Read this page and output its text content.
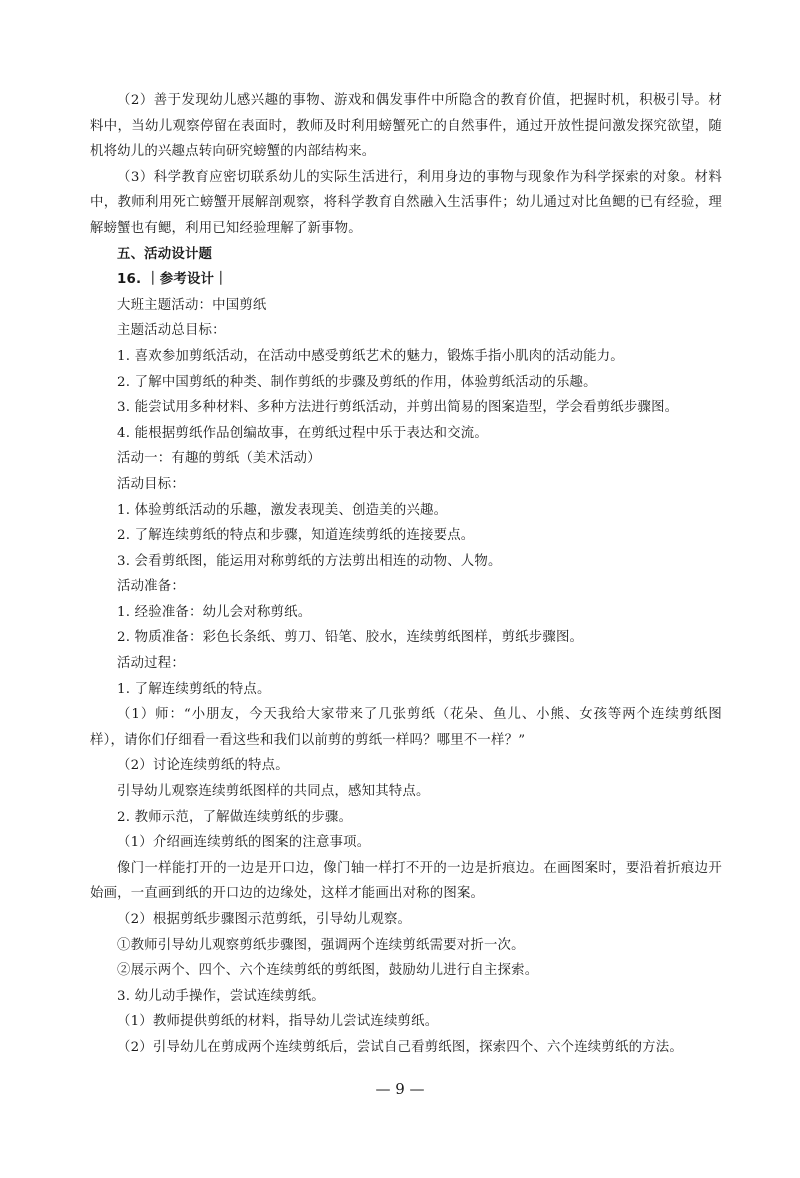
（2）善于发现幼儿感兴趣的事物、游戏和偶发事件中所隐含的教育价值，把握时机，积极引导。材料中，当幼儿观察停留在表面时，教师及时利用螃蟹死亡的自然事件，通过开放性提问激发探究欲望，随机将幼儿的兴趣点转向研究螃蟹的内部结构来。

（3）科学教育应密切联系幼儿的实际生活进行，利用身边的事物与现象作为科学探索的对象。材料中，教师利用死亡螃蟹开展解剖观察，将科学教育自然融入生活事件；幼儿通过对比鱼鳃的已有经验，理解螃蟹也有鳃，利用已知经验理解了新事物。

五、活动设计题

16. ｜参考设计｜

大班主题活动：中国剪纸

主题活动总目标：

1. 喜欢参加剪纸活动，在活动中感受剪纸艺术的魅力，锻炼手指小肌肉的活动能力。

2. 了解中国剪纸的种类、制作剪纸的步骤及剪纸的作用，体验剪纸活动的乐趣。

3. 能尝试用多种材料、多种方法进行剪纸活动，并剪出简易的图案造型，学会看剪纸步骤图。

4. 能根据剪纸作品创编故事，在剪纸过程中乐于表达和交流。

活动一：有趣的剪纸（美术活动）

活动目标：

1. 体验剪纸活动的乐趣，激发表现美、创造美的兴趣。

2. 了解连续剪纸的特点和步骤，知道连续剪纸的连接要点。

3. 会看剪纸图，能运用对称剪纸的方法剪出相连的动物、人物。

活动准备：

1. 经验准备：幼儿会对称剪纸。

2. 物质准备：彩色长条纸、剪刀、铅笔、胶水，连续剪纸图样，剪纸步骤图。

活动过程：

1. 了解连续剪纸的特点。

（1）师：“小朋友，今天我给大家带来了几张剪纸（花朵、鱼儿、小熊、女孩等两个连续剪纸图样），请你们仔细看一看这些和我们以前剪的剪纸一样吗？哪里不一样？”

（2）讨论连续剪纸的特点。

引导幼儿观察连续剪纸图样的共同点，感知其特点。

2. 教师示范，了解做连续剪纸的步骤。

（1）介绍画连续剪纸的图案的注意事项。

像门一样能打开的一边是开口边，像门轴一样打不开的一边是折痕边。在画图案时，要沿着折痕边开始画，一直画到纸的开口边的边缘处，这样才能画出对称的图案。

（2）根据剪纸步骤图示范剪纸，引导幼儿观察。

①教师引导幼儿观察剪纸步骤图，强调两个连续剪纸需要对折一次。

②展示两个、四个、六个连续剪纸的剪纸图，鼓励幼儿进行自主探索。

3. 幼儿动手操作，尝试连续剪纸。

（1）教师提供剪纸的材料，指导幼儿尝试连续剪纸。

（2）引导幼儿在剪成两个连续剪纸后，尝试自己看剪纸图，探索四个、六个连续剪纸的方法。

— 9 —
